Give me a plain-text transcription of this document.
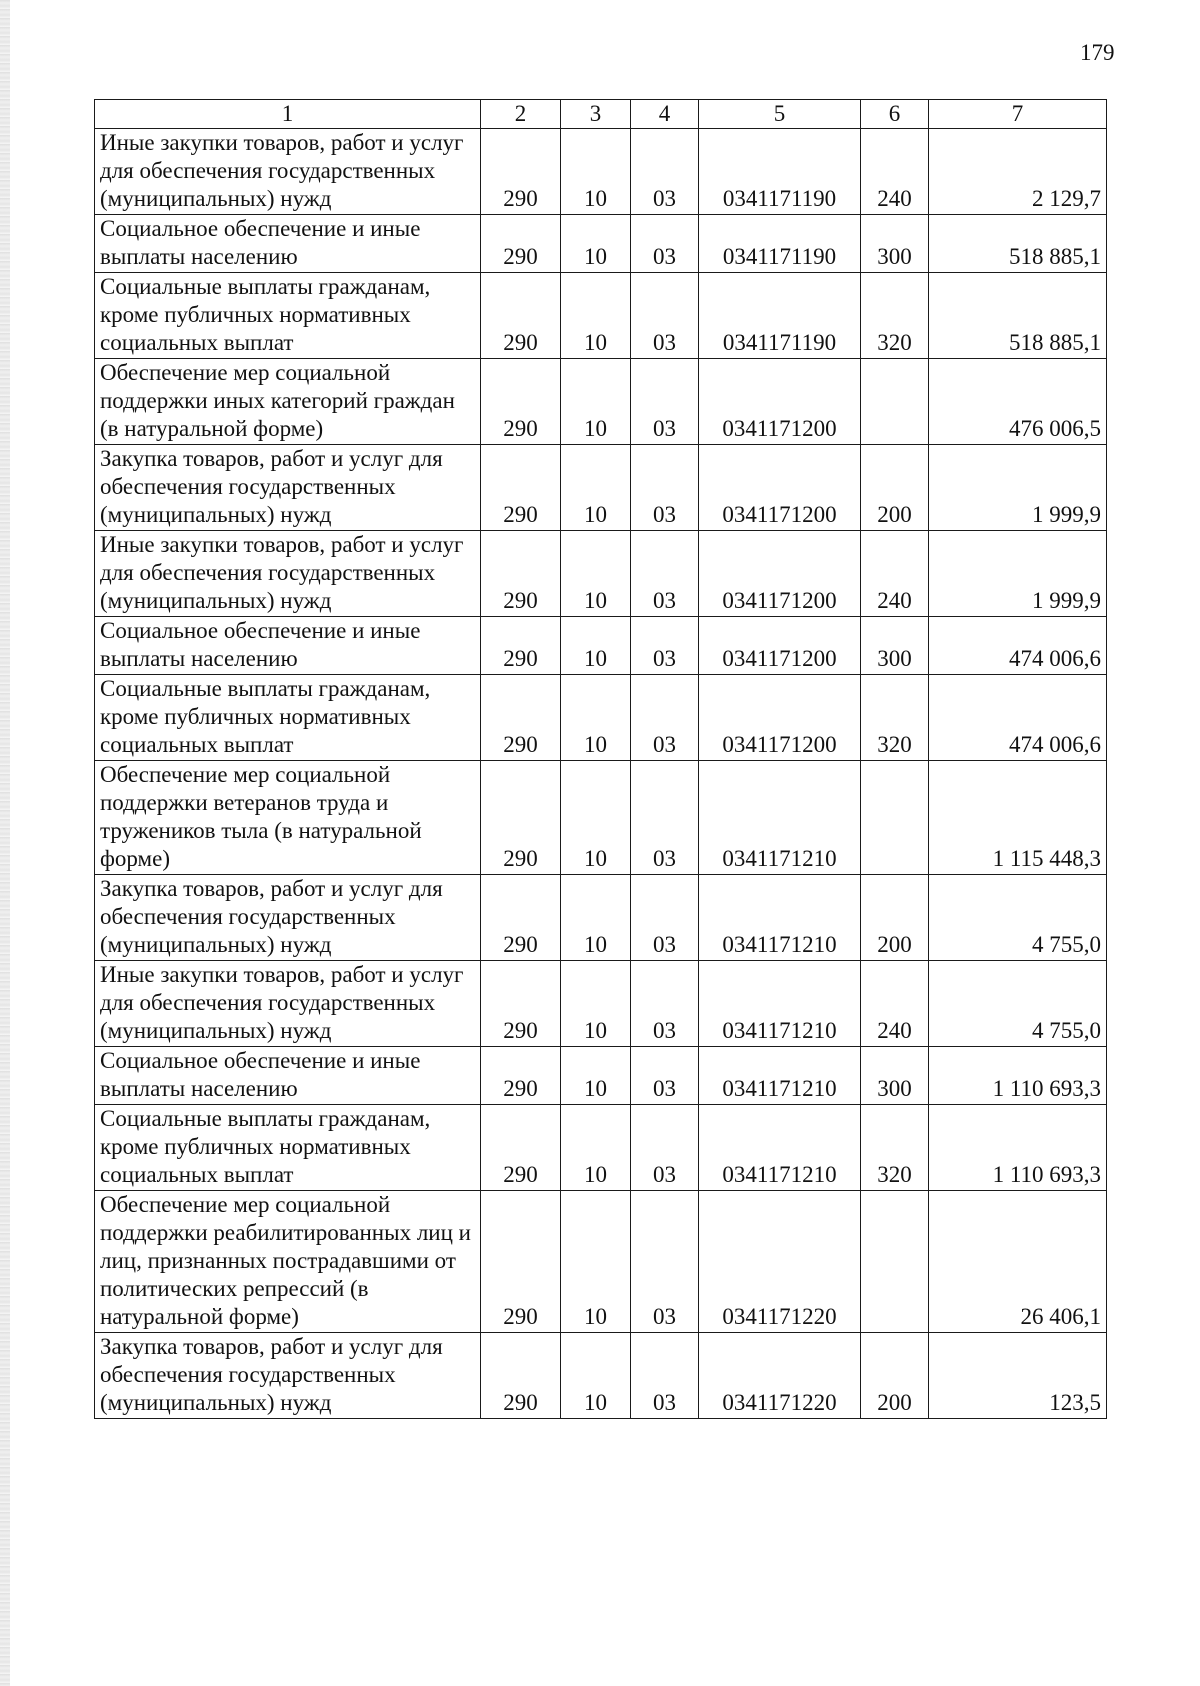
179
1	2	3	4	5	6	7
Иные закупки товаров, работ и услуг для обеспечения государственных (муниципальных) нужд	290	10	03	0341171190	240	2 129,7
Социальное обеспечение и иные выплаты населению	290	10	03	0341171190	300	518 885,1
Социальные выплаты гражданам, кроме публичных нормативных социальных выплат	290	10	03	0341171190	320	518 885,1
Обеспечение мер социальной поддержки иных категорий граждан (в натуральной форме)	290	10	03	0341171200		476 006,5
Закупка товаров, работ и услуг для обеспечения государственных (муниципальных) нужд	290	10	03	0341171200	200	1 999,9
Иные закупки товаров, работ и услуг для обеспечения государственных (муниципальных) нужд	290	10	03	0341171200	240	1 999,9
Социальное обеспечение и иные выплаты населению	290	10	03	0341171200	300	474 006,6
Социальные выплаты гражданам, кроме публичных нормативных социальных выплат	290	10	03	0341171200	320	474 006,6
Обеспечение мер социальной поддержки ветеранов труда и тружеников тыла (в натуральной форме)	290	10	03	0341171210		1 115 448,3
Закупка товаров, работ и услуг для обеспечения государственных (муниципальных) нужд	290	10	03	0341171210	200	4 755,0
Иные закупки товаров, работ и услуг для обеспечения государственных (муниципальных) нужд	290	10	03	0341171210	240	4 755,0
Социальное обеспечение и иные выплаты населению	290	10	03	0341171210	300	1 110 693,3
Социальные выплаты гражданам, кроме публичных нормативных социальных выплат	290	10	03	0341171210	320	1 110 693,3
Обеспечение мер социальной поддержки реабилитированных лиц и лиц, признанных пострадавшими от политических репрессий (в натуральной форме)	290	10	03	0341171220		26 406,1
Закупка товаров, работ и услуг для обеспечения государственных (муниципальных) нужд	290	10	03	0341171220	200	123,5
